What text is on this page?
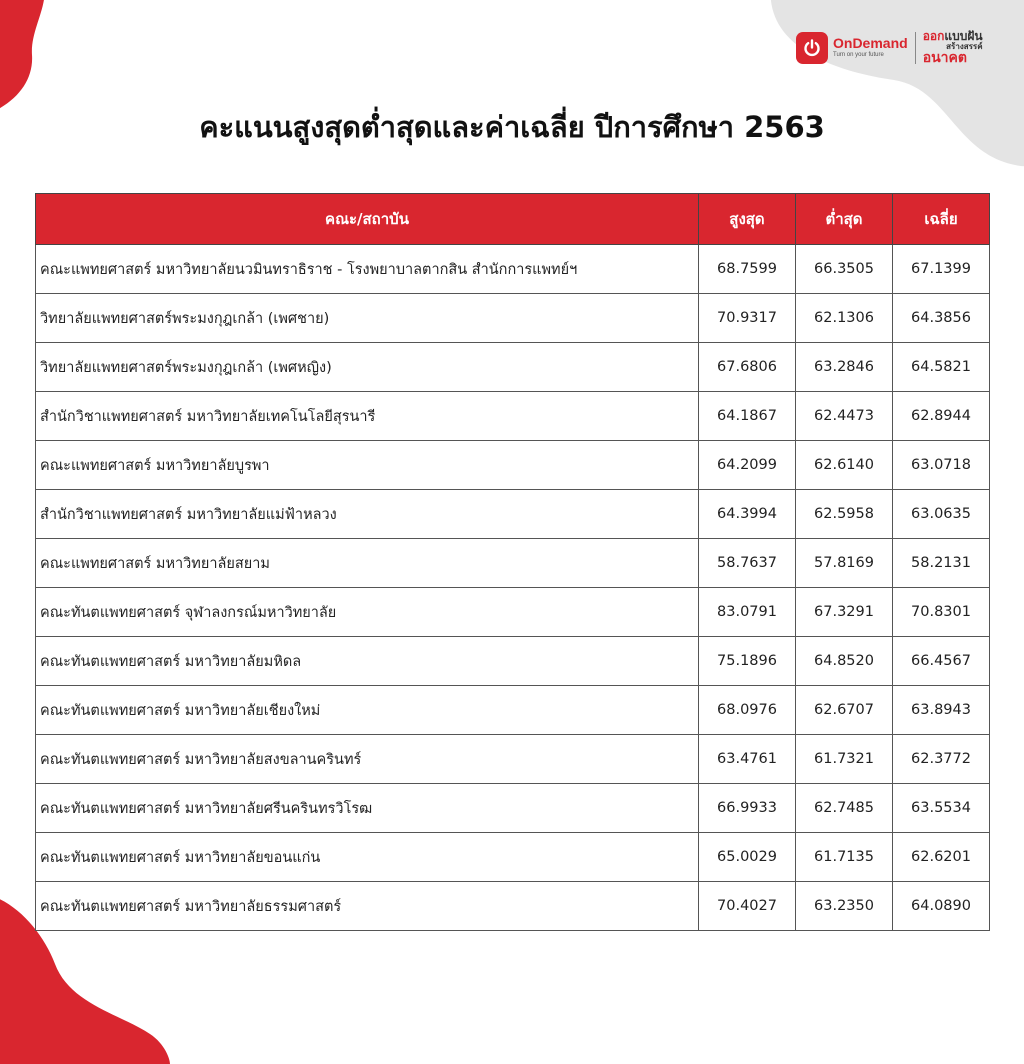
OnDemand
Turn on your future
ออกแบบฝัน
สร้างสรรค์
อนาคต
คะแนนสูงสุดต่ำสุดและค่าเฉลี่ย ปีการศึกษา 2563
คณะ/สถาบัน	สูงสุด	ต่ำสุด	เฉลี่ย
คณะแพทยศาสตร์ มหาวิทยาลัยนวมินทราธิราช - โรงพยาบาลตากสิน สำนักการแพทย์ฯ	68.7599	66.3505	67.1399
วิทยาลัยแพทยศาสตร์พระมงกุฎเกล้า (เพศชาย)	70.9317	62.1306	64.3856
วิทยาลัยแพทยศาสตร์พระมงกุฎเกล้า (เพศหญิง)	67.6806	63.2846	64.5821
สำนักวิชาแพทยศาสตร์ มหาวิทยาลัยเทคโนโลยีสุรนารี	64.1867	62.4473	62.8944
คณะแพทยศาสตร์ มหาวิทยาลัยบูรพา	64.2099	62.6140	63.0718
สำนักวิชาแพทยศาสตร์ มหาวิทยาลัยแม่ฟ้าหลวง	64.3994	62.5958	63.0635
คณะแพทยศาสตร์ มหาวิทยาลัยสยาม	58.7637	57.8169	58.2131
คณะทันตแพทยศาสตร์ จุฬาลงกรณ์มหาวิทยาลัย	83.0791	67.3291	70.8301
คณะทันตแพทยศาสตร์ มหาวิทยาลัยมหิดล	75.1896	64.8520	66.4567
คณะทันตแพทยศาสตร์ มหาวิทยาลัยเชียงใหม่	68.0976	62.6707	63.8943
คณะทันตแพทยศาสตร์ มหาวิทยาลัยสงขลานครินทร์	63.4761	61.7321	62.3772
คณะทันตแพทยศาสตร์ มหาวิทยาลัยศรีนครินทรวิโรฒ	66.9933	62.7485	63.5534
คณะทันตแพทยศาสตร์ มหาวิทยาลัยขอนแก่น	65.0029	61.7135	62.6201
คณะทันตแพทยศาสตร์ มหาวิทยาลัยธรรมศาสตร์	70.4027	63.2350	64.0890
